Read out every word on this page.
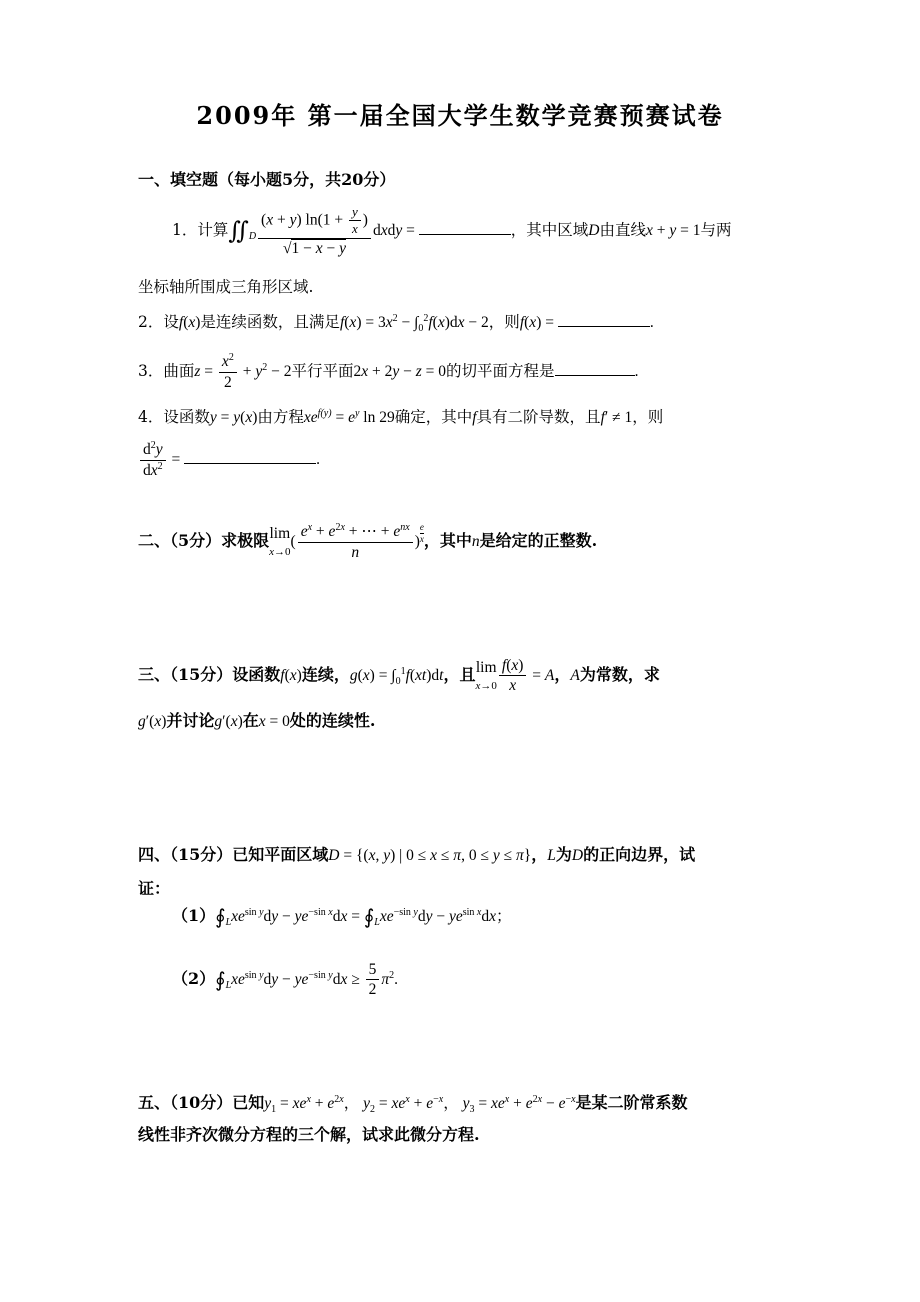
2009年 第一届全国大学生数学竞赛预赛试卷
一、填空题（每小题5分，共20分）
1．计算$∬_D \frac{(x + y) \ln(1 + \frac{y}{x} )}{√1 - x - y}$ dxdy =	，其中区域D由直线x + y = 1与两
坐标轴所围成三角形区域.
2．设f(x)是连续函数，且满足$f(x) = 3x^2 - \int_0^2f(x)dx - 2$，则f(x) =	.
3．曲面$z = \frac{x^2}{2} + y^2 - 2$平行平面2x + 2y − z = 0的切平面方程是	.
4．设函数y = y(x)由方程$xe^{f(y)} = e^y$ ln 29确定，其中f具有二阶导数，且f′ ≠ 1，则
$\frac{d^2y}{dx^2}$ =	.
二、（5分）求极限lim
$x\to 0( \frac{e^x + e^{2x} + \cdots + e^{nx}}{n}$ ) $^{\frac{e}{x}}$ ，其中n是给定的正整数.
三、（15分）设函数f(x)连续，$g(x) = \int_0^1f(xt)dt$，且lim
$x\to 0 \frac{f(x)}{x} = A$，A为常数，求
g′(x)并讨论g′(x)在x = 0处的连续性.
四、（15分）已知平面区域D = {(x, y) | 0 ≤ x ≤ π, 0 ≤ y ≤ π}，L为D的正向边界，试
证：
$(1)∮_Lxe^{sin y}dy - ye^{-sin x}dx$ = $∮_Lxe^{-sin y}dy - ye^{sin x}dx$；
$(2)∮_Lxe^{sin y}dy - ye^{-sin y}dx \ge \frac{5}{2} \pi^2$.
五、（10分）已知$y_1 = xe^x + e^{2x}$， $y_2 = xe^x + e^{-x}$， $y_3 = xe^x + e^{2x} - e^{-x}$是某二阶常系数
线性非齐次微分方程的三个解，试求此微分方程.
